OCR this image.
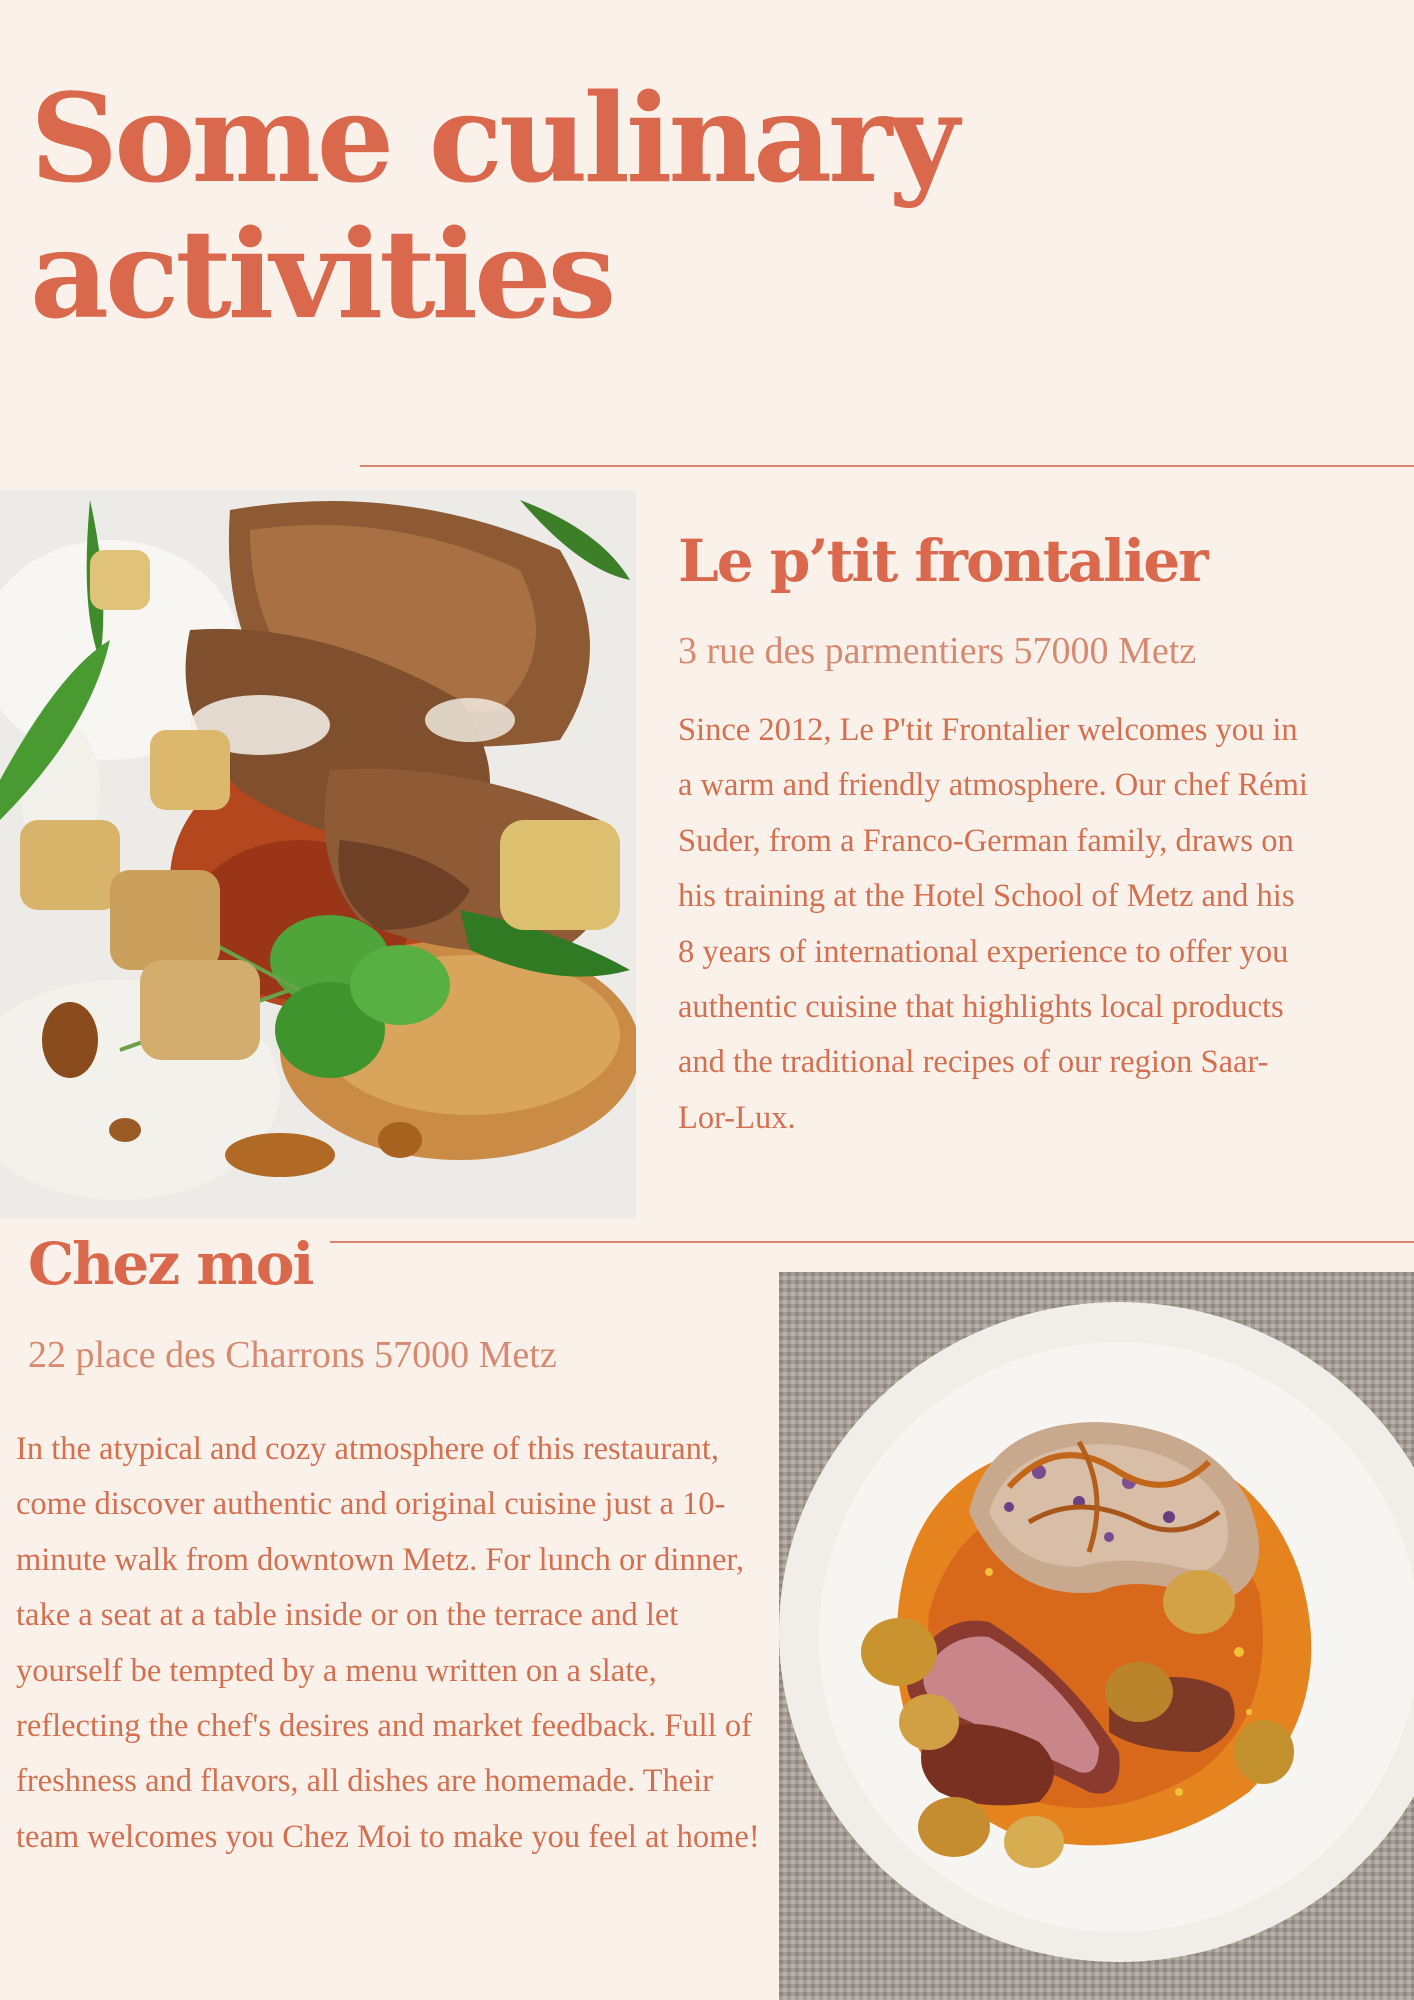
Some culinary activities
Le p’tit frontalier
3 rue des parmentiers 57000 Metz

Since 2012, Le P'tit Frontalier welcomes you in a warm and friendly atmosphere. Our chef Rémi Suder, from a Franco-German family, draws on his training at the Hotel School of Metz and his 8 years of international experience to offer you authentic cuisine that highlights local products and the traditional recipes of our region Saar-Lor-Lux.

Chez moi
22 place des Charrons 57000 Metz

In the atypical and cozy atmosphere of this restaurant, come discover authentic and original cuisine just a 10-minute walk from downtown Metz. For lunch or dinner, take a seat at a table inside or on the terrace and let yourself be tempted by a menu written on a slate, reflecting the chef's desires and market feedback. Full of freshness and flavors, all dishes are homemade. Their team welcomes you Chez Moi to make you feel at home!
